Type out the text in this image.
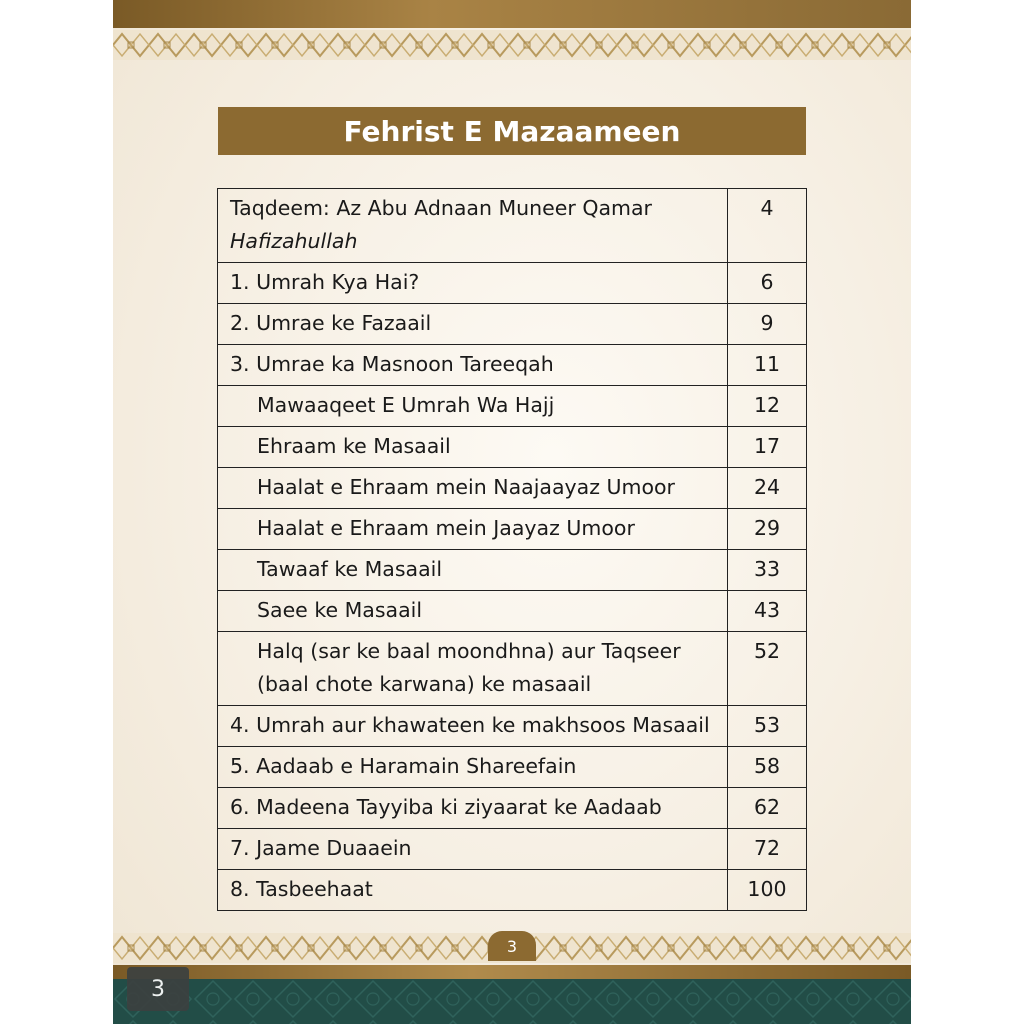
Fehrist E Mazaameen
Taqdeem: Az Abu Adnaan Muneer Qamar
Hafizahullah	4
1. Umrah Kya Hai?	6
2. Umrae ke Fazaail	9
3. Umrae ka Masnoon Tareeqah	11
Mawaaqeet E Umrah Wa Hajj	12
Ehraam ke Masaail	17
Haalat e Ehraam mein Naajaayaz Umoor	24
Haalat e Ehraam mein Jaayaz Umoor	29
Tawaaf ke Masaail	33
Saee ke Masaail	43
Halq (sar ke baal moondhna) aur Taqseer (baal chote karwana) ke masaail	52
4. Umrah aur khawateen ke makhsoos Masaail	53
5. Aadaab e Haramain Shareefain	58
6. Madeena Tayyiba ki ziyaarat ke Aadaab	62
7. Jaame Duaaein	72
8. Tasbeehaat	100
3
3
